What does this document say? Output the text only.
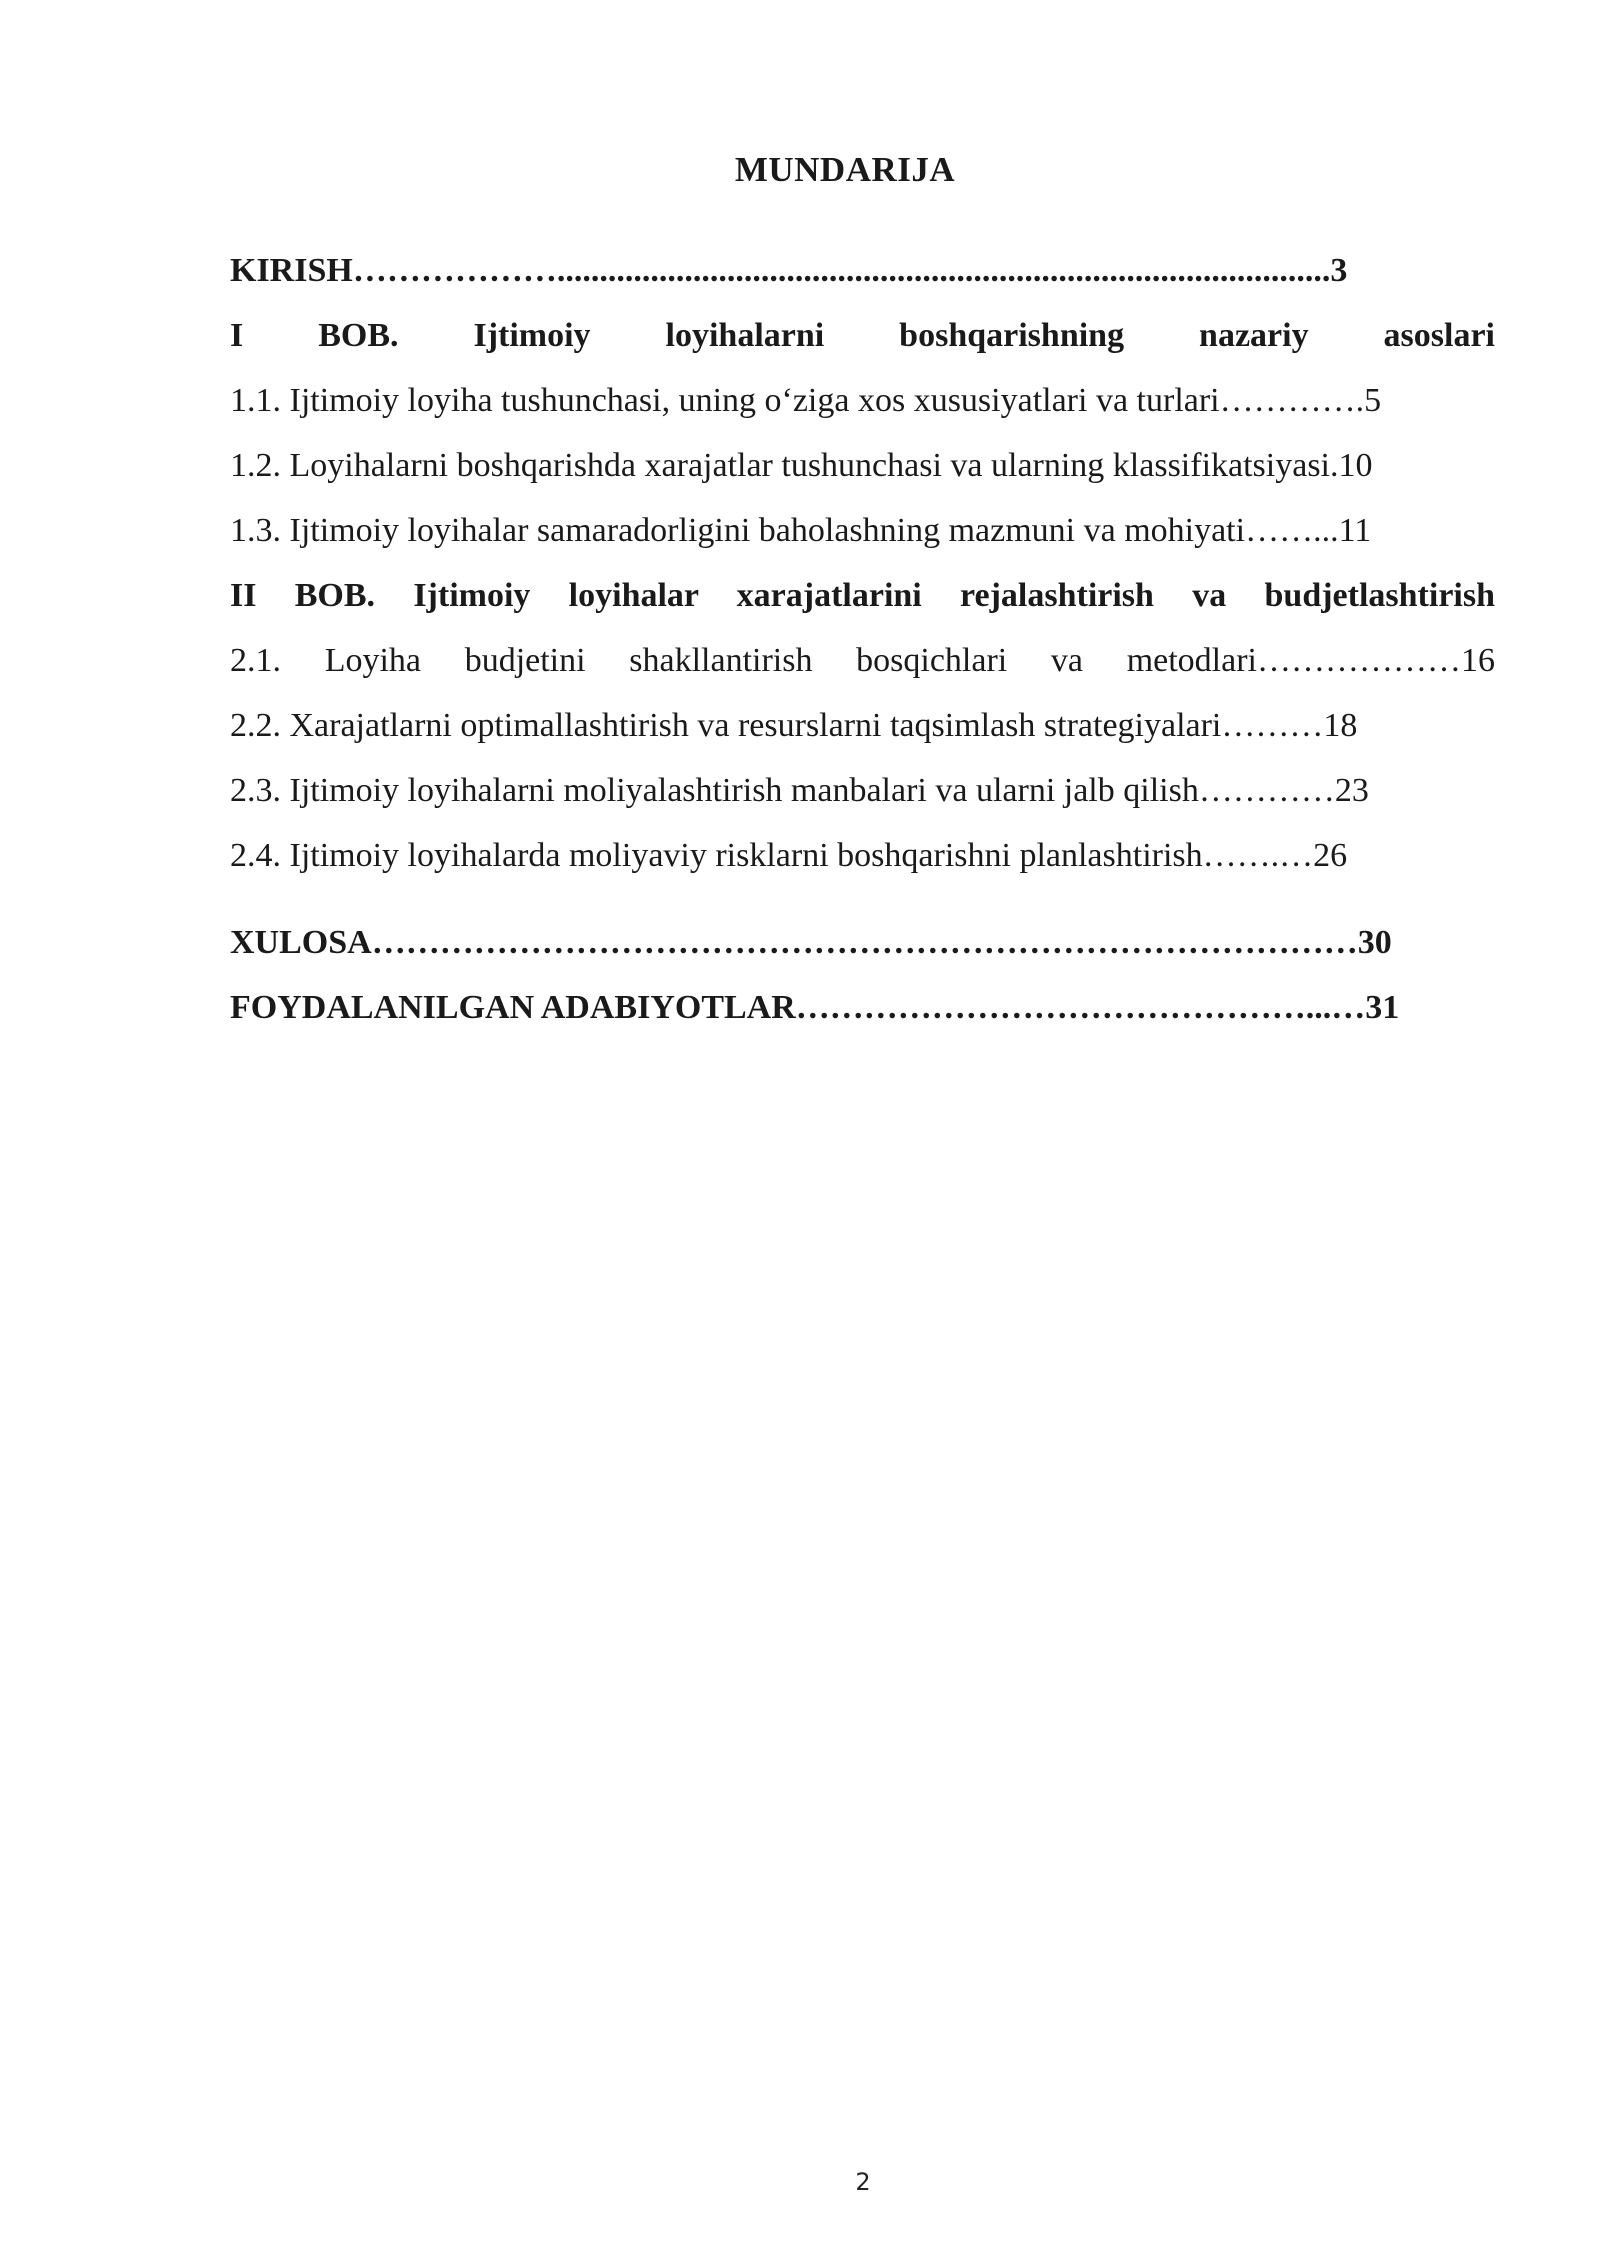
MUNDARIJA
KIRISH………………...........................................................................................3
I BOB. Ijtimoiy loyihalarni boshqarishning nazariy asoslari
1.1. Ijtimoiy loyiha tushunchasi, uning o‘ziga xos xususiyatlari va turlari………….5
1.2. Loyihalarni boshqarishda xarajatlar tushunchasi va ularning klassifikatsiyasi.10
1.3. Ijtimoiy loyihalar samaradorligini baholashning mazmuni va mohiyati……...11
II BOB. Ijtimoiy loyihalar xarajatlarini rejalashtirish va budjetlashtirish
2.1. Loyiha budjetini shakllantirish bosqichlari va metodlari………………16
2.2. Xarajatlarni optimallashtirish va resurslarni taqsimlash strategiyalari………18
2.3. Ijtimoiy loyihalarni moliyalashtirish manbalari va ularni jalb qilish…………23
2.4. Ijtimoiy loyihalarda moliyaviy risklarni boshqarishni planlashtirish…….…26
XULOSA……………………………………………………………………………30
FOYDALANILGAN ADABIYOTLAR………………………………………...…31
2
